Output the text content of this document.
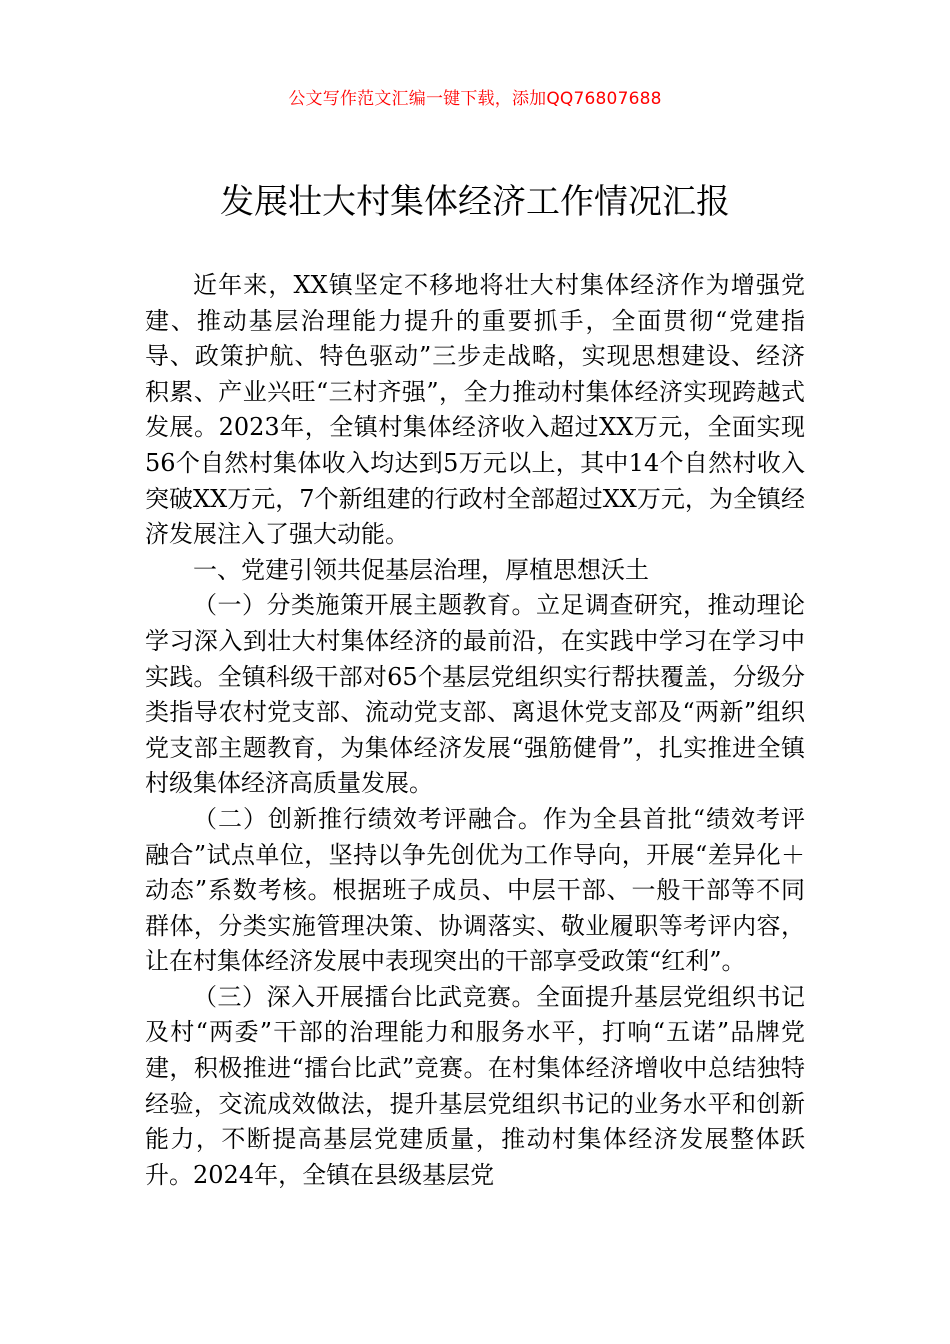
公文写作范文汇编一键下载，添加QQ76807688
发展壮大村集体经济工作情况汇报

近年来，XX镇坚定不移地将壮大村集体经济作为增强党建、推动基层治理能力提升的重要抓手，全面贯彻“党建指导、政策护航、特色驱动”三步走战略，实现思想建设、经济积累、产业兴旺“三村齐强”，全力推动村集体经济实现跨越式发展。2023年，全镇村集体经济收入超过XX万元，全面实现56个自然村集体收入均达到5万元以上，其中14个自然村收入突破XX万元，7个新组建的行政村全部超过XX万元，为全镇经济发展注入了强大动能。

一、党建引领共促基层治理，厚植思想沃土

（一）分类施策开展主题教育。立足调查研究，推动理论学习深入到壮大村集体经济的最前沿，在实践中学习在学习中实践。全镇科级干部对65个基层党组织实行帮扶覆盖，分级分类指导农村党支部、流动党支部、离退休党支部及“两新”组织党支部主题教育，为集体经济发展“强筋健骨”，扎实推进全镇村级集体经济高质量发展。

（二）创新推行绩效考评融合。作为全县首批“绩效考评融合”试点单位，坚持以争先创优为工作导向，开展“差异化＋动态”系数考核。根据班子成员、中层干部、一般干部等不同群体，分类实施管理决策、协调落实、敬业履职等考评内容，让在村集体经济发展中表现突出的干部享受政策“红利”。

（三）深入开展擂台比武竞赛。全面提升基层党组织书记及村“两委”干部的治理能力和服务水平，打响“五诺”品牌党建，积极推进“擂台比武”竞赛。在村集体经济增收中总结独特经验，交流成效做法，提升基层党组织书记的业务水平和创新能力，不断提高基层党建质量，推动村集体经济发展整体跃升。2024年，全镇在县级基层党
